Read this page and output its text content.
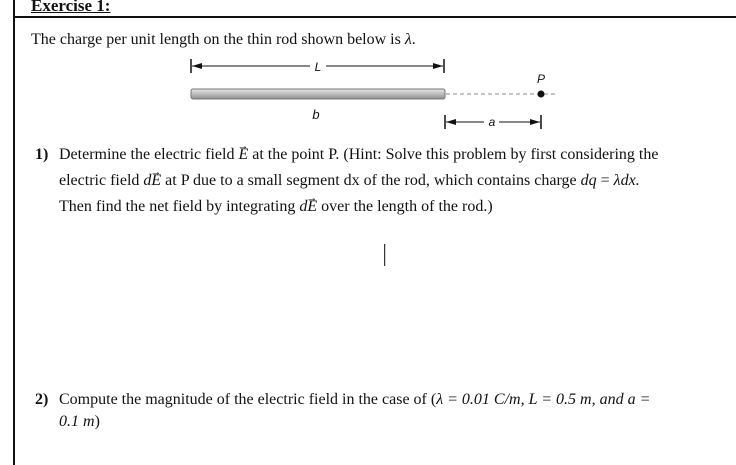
Exercise 1:
The charge per unit length on the thin rod shown below is λ.
L
P
q	a
1) Determine the electric field → E at the point P. (Hint: Solve this problem by first considering the
electric field d→ E at P due to a small segment dx of the rod, which contains charge dq = λdx.
Then find the net field by integrating d→ E over the length of the rod.)
⏐
2) Compute the magnitude of the electric field in the case of (λ = 0.01 C/m, L = 0.5 m, and a =
0.1 m)
